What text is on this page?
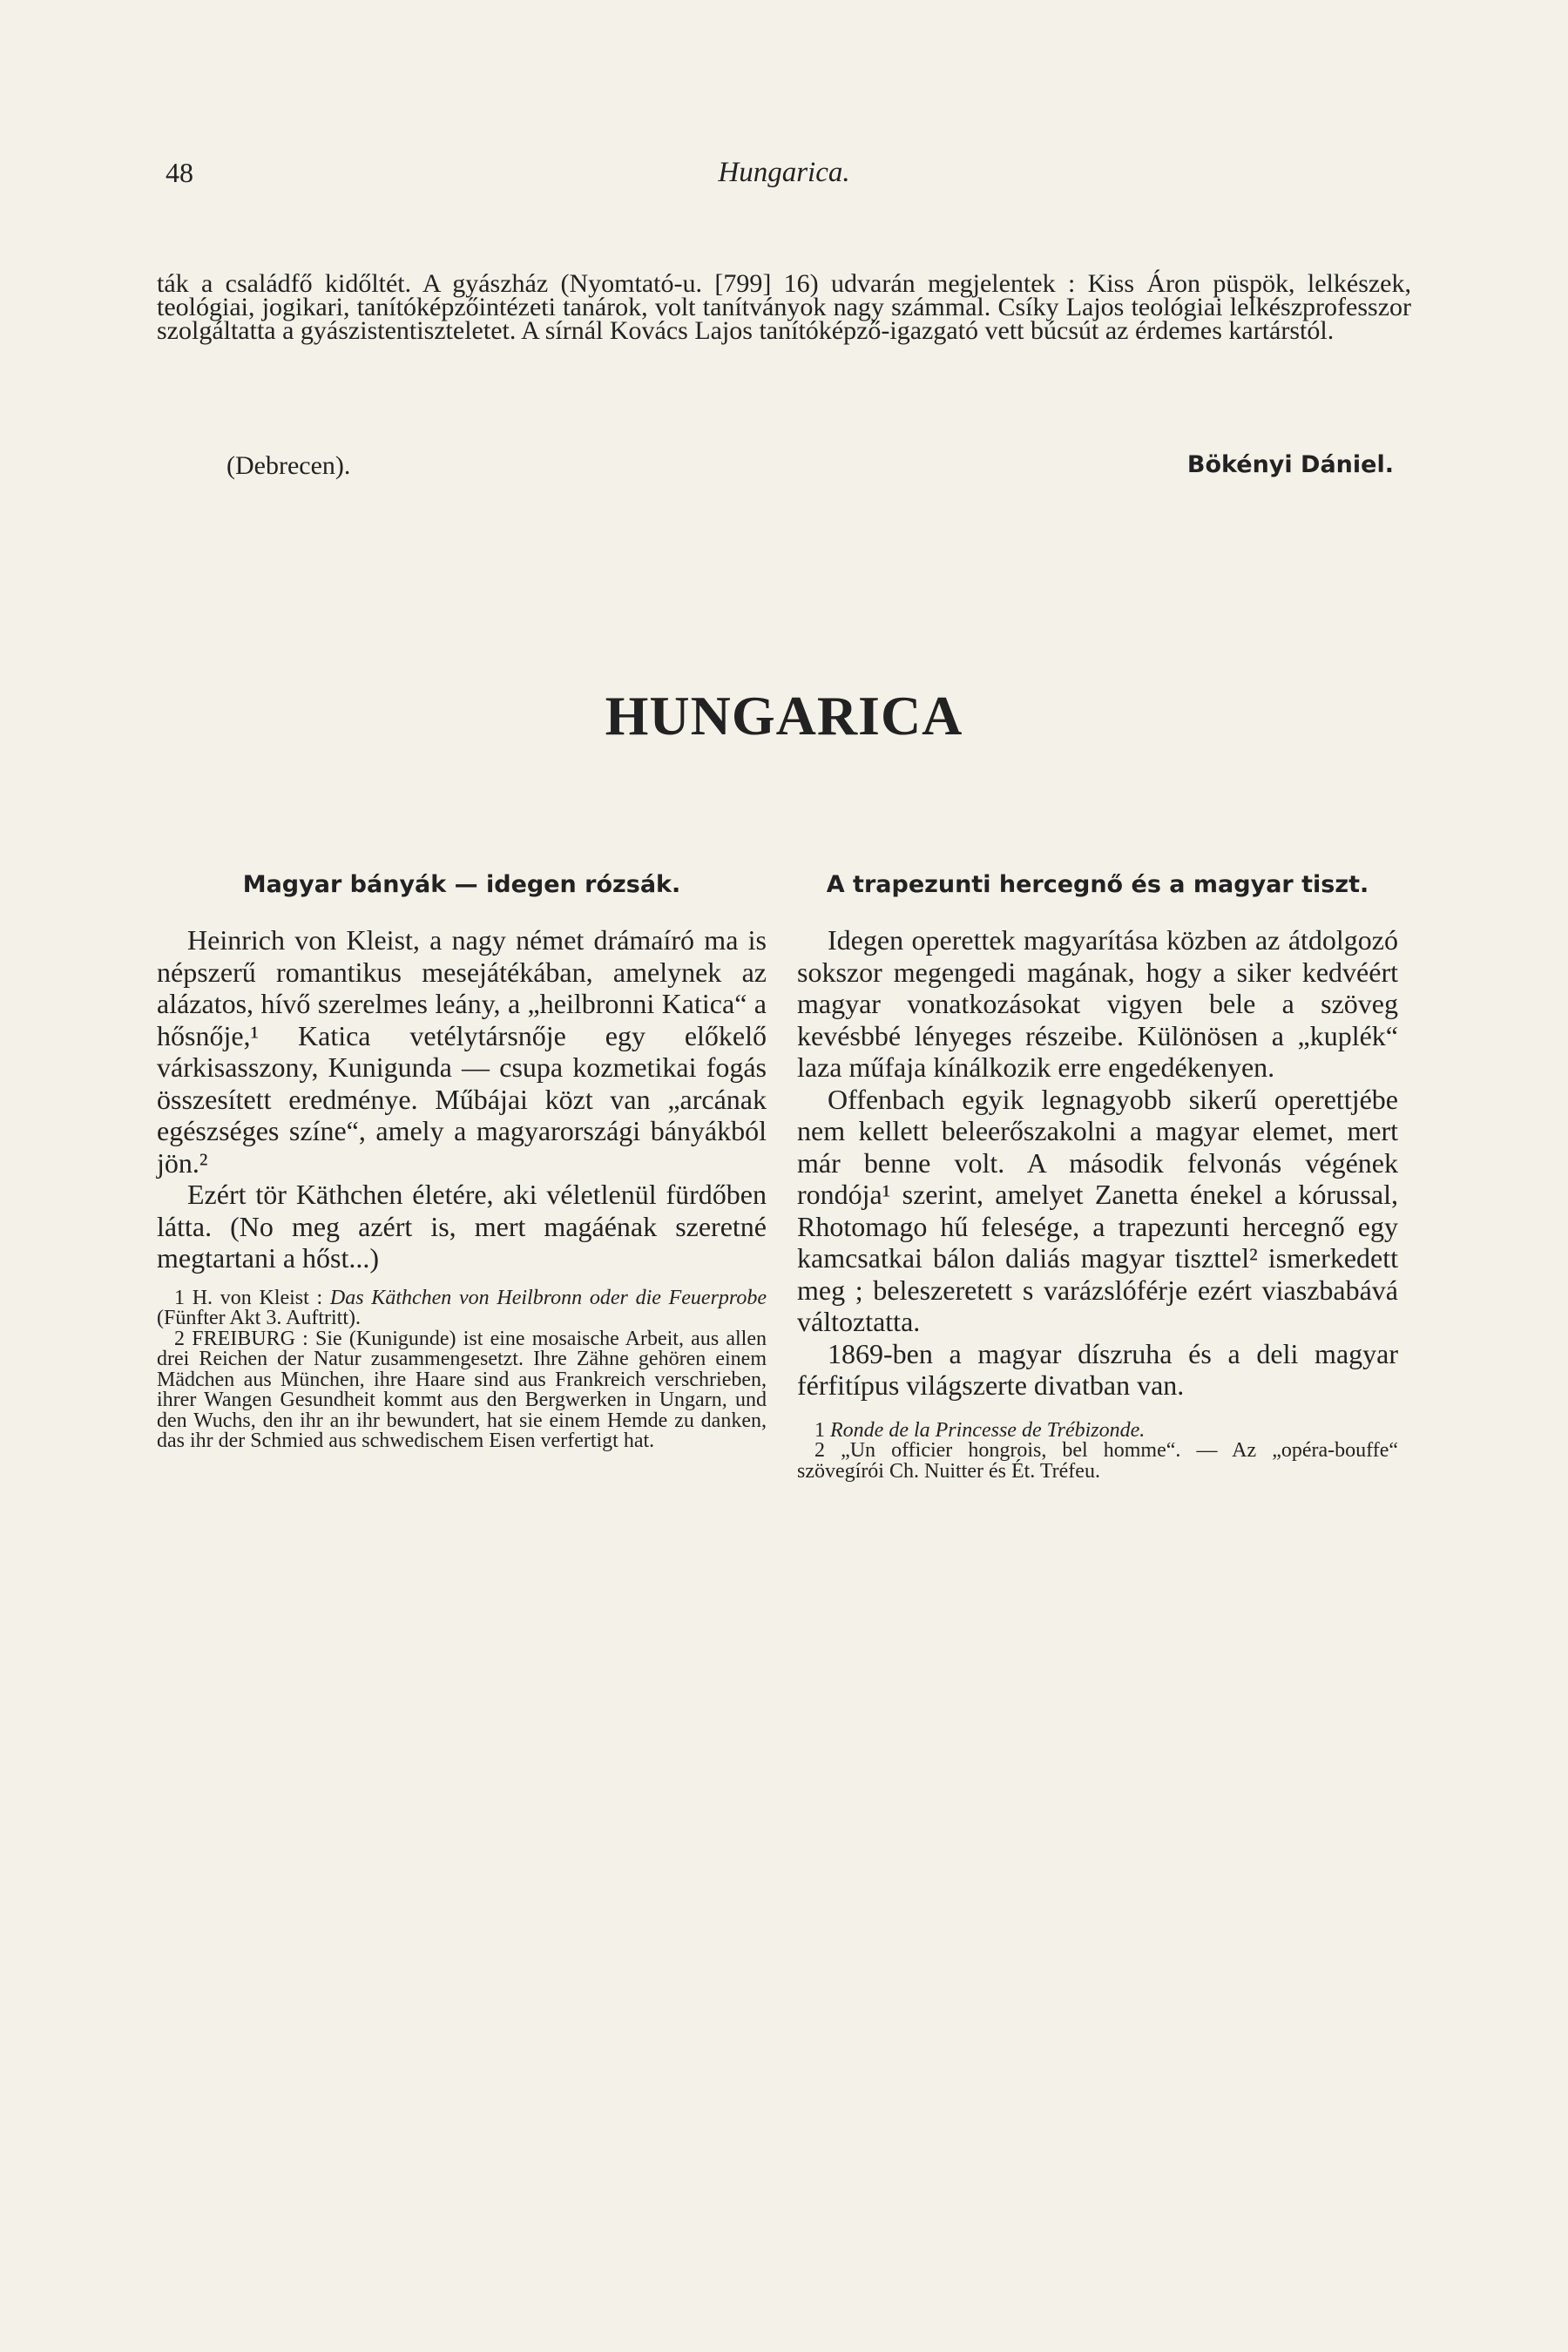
48	Hungarica.

ták a családfő kidőltét. A gyászház (Nyomtató-u. [799] 16) udvarán megjelentek : Kiss Áron püspök, lelkészek, teológiai, jogikari, tanítóképzőintézeti tanárok, volt tanítványok nagy számmal. Csíky Lajos teológiai lelkészprofesszor szolgáltatta a gyászistentiszteletet. A sírnál Kovács Lajos tanítóképző-igazgató vett búcsút az érdemes kartárstól.

(Debrecen).	Bökényi Dániel.
HUNGARICA
Magyar bányák — idegen rózsák.

Heinrich von Kleist, a nagy német drámaíró ma is népszerű romantikus mesejátékában, amelynek az alázatos, hívő szerelmes leány, a „heilbronni Katica“ a hősnője,¹ Katica vetélytársnője egy előkelő várkisasszony, Kunigunda — csupa kozmetikai fogás összesített eredménye. Műbájai közt van „arcának egészséges színe“, amely a magyarországi bányákból jön.²

Ezért tör Käthchen életére, aki véletlenül fürdőben látta. (No meg azért is, mert magáénak szeretné megtartani a hőst...)

1 H. von Kleist : Das Käthchen von Heilbronn oder die Feuerprobe (Fünfter Akt 3. Auftritt).

2 FREIBURG : Sie (Kunigunde) ist eine mosaische Arbeit, aus allen drei Reichen der Natur zusammengesetzt. Ihre Zähne gehören einem Mädchen aus München, ihre Haare sind aus Frankreich verschrieben, ihrer Wangen Gesundheit kommt aus den Bergwerken in Ungarn, und den Wuchs, den ihr an ihr bewundert, hat sie einem Hemde zu danken, das ihr der Schmied aus schwedischem Eisen verfertigt hat.

A trapezunti hercegnő és a magyar tiszt.

Idegen operettek magyarítása közben az átdolgozó sokszor megengedi magának, hogy a siker kedvéért magyar vonatkozásokat vigyen bele a szöveg kevésbbé lényeges részeibe. Különösen a „kuplék“ laza műfaja kínálkozik erre engedékenyen.

Offenbach egyik legnagyobb sikerű operettjébe nem kellett beleerőszakolni a magyar elemet, mert már benne volt. A második felvonás végének rondója¹ szerint, amelyet Zanetta énekel a kórussal, Rhotomago hű felesége, a trapezunti hercegnő egy kamcsatkai bálon daliás magyar tiszttel² ismerkedett meg ; beleszeretett s varázslóférje ezért viaszbabává változtatta.

1869-ben a magyar díszruha és a deli magyar férfitípus világszerte divatban van.

1 Ronde de la Princesse de Trébizonde.

2 „Un officier hongrois, bel homme“. — Az „opéra-bouffe“ szövegírói Ch. Nuitter és Ét. Tréfeu.
